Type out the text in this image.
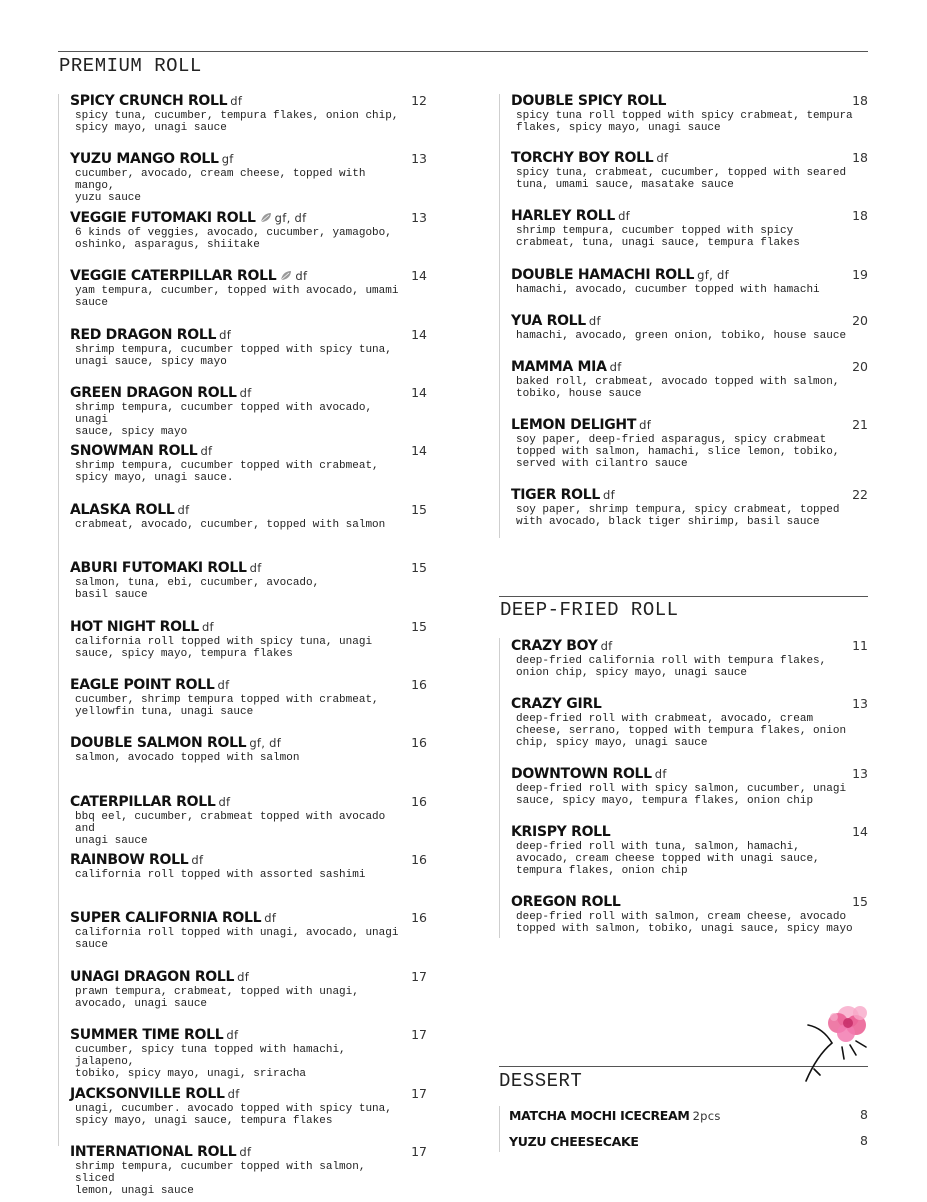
PREMIUM ROLL
DEEP-FRIED ROLL
DESSERT
SPICY CRUNCH ROLL df	12
spicy tuna, cucumber, tempura flakes, onion chip,
spicy mayo, unagi sauce
YUZU MANGO ROLL gf	13
cucumber, avocado, cream cheese, topped with mango,
yuzu sauce
VEGGIE FUTOMAKI ROLL gf, df	13
6 kinds of veggies, avocado, cucumber, yamagobo,
oshinko, asparagus, shiitake
VEGGIE CATERPILLAR ROLL df	14
yam tempura, cucumber, topped with avocado, umami
sauce
RED DRAGON ROLL df	14
shrimp tempura, cucumber topped with spicy tuna,
unagi sauce, spicy mayo
GREEN DRAGON ROLL df	14
shrimp tempura, cucumber topped with avocado, unagi
sauce, spicy mayo
SNOWMAN ROLL df	14
shrimp tempura, cucumber topped with crabmeat,
spicy mayo, unagi sauce.
ALASKA ROLL df	15
crabmeat, avocado, cucumber, topped with salmon
ABURI FUTOMAKI ROLL df	15
salmon, tuna, ebi, cucumber, avocado,
basil sauce
HOT NIGHT ROLL df	15
california roll topped with spicy tuna, unagi
sauce, spicy mayo, tempura flakes
EAGLE POINT ROLL df	16
cucumber, shrimp tempura topped with crabmeat,
yellowfin tuna, unagi sauce
DOUBLE SALMON ROLL gf, df	16
salmon, avocado topped with salmon
CATERPILLAR ROLL df	16
bbq eel, cucumber, crabmeat topped with avocado and
unagi sauce
RAINBOW ROLL df	16
california roll topped with assorted sashimi
SUPER CALIFORNIA ROLL df	16
california roll topped with unagi, avocado, unagi
sauce
UNAGI DRAGON ROLL df	17
prawn tempura, crabmeat, topped with unagi,
avocado, unagi sauce
SUMMER TIME ROLL df	17
cucumber, spicy tuna topped with hamachi, jalapeno,
tobiko, spicy mayo, unagi, sriracha
JACKSONVILLE ROLL df	17
unagi, cucumber. avocado topped with spicy tuna,
spicy mayo, unagi sauce, tempura flakes
INTERNATIONAL ROLL df	17
shrimp tempura, cucumber topped with salmon, sliced
lemon, unagi sauce
DOUBLE SPICY ROLL	18
spicy tuna roll topped with spicy crabmeat, tempura
flakes, spicy mayo, unagi sauce
TORCHY BOY ROLL df	18
spicy tuna, crabmeat, cucumber, topped with seared
tuna, umami sauce, masatake sauce
HARLEY ROLL df	18
shrimp tempura, cucumber topped with spicy
crabmeat, tuna, unagi sauce, tempura flakes
DOUBLE HAMACHI ROLL gf, df	19
hamachi, avocado, cucumber topped with hamachi
YUA ROLL df	20
hamachi, avocado, green onion, tobiko, house sauce
MAMMA MIA df	20
baked roll, crabmeat, avocado topped with salmon,
tobiko, house sauce
LEMON DELIGHT df	21
soy paper, deep-fried asparagus, spicy crabmeat
topped with salmon, hamachi, slice lemon, tobiko,
served with cilantro sauce
TIGER ROLL df	22
soy paper, shrimp tempura, spicy crabmeat, topped
with avocado, black tiger shirimp, basil sauce
CRAZY BOY df	11
deep-fried california roll with tempura flakes,
onion chip, spicy mayo, unagi sauce
CRAZY GIRL	13
deep-fried roll with crabmeat, avocado, cream
cheese, serrano, topped with tempura flakes, onion
chip, spicy mayo, unagi sauce
DOWNTOWN ROLL df	13
deep-fried roll with spicy salmon, cucumber, unagi
sauce, spicy mayo, tempura flakes, onion chip
KRISPY ROLL	14
deep-fried roll with tuna, salmon, hamachi,
avocado, cream cheese topped with unagi sauce,
tempura flakes, onion chip
OREGON ROLL	15
deep-fried roll with salmon, cream cheese, avocado
topped with salmon, tobiko, unagi sauce, spicy mayo
MATCHA MOCHI ICECREAM 2pcs	8
YUZU CHEESECAKE	8
